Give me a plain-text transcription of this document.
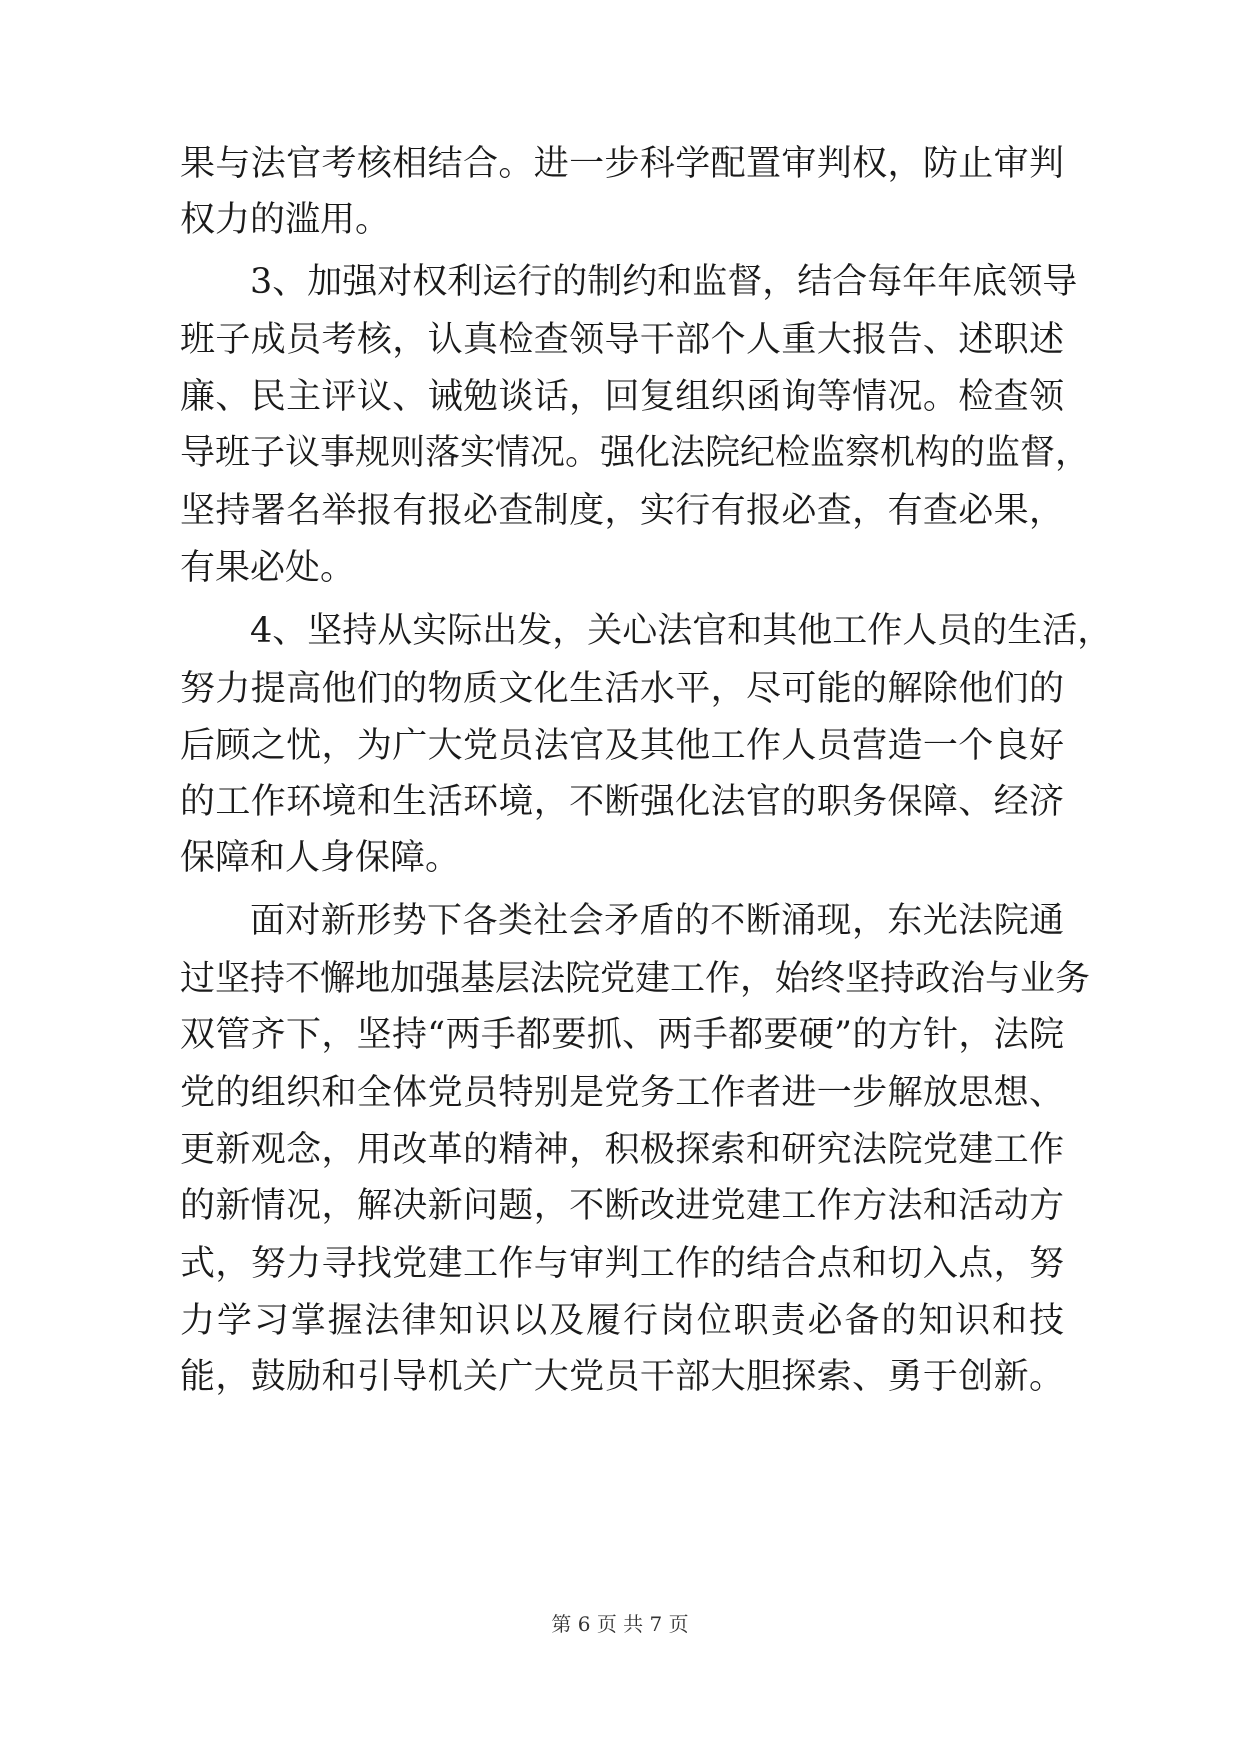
果与法官考核相结合。进一步科学配置审判权，防止审判
权力的滥用。
3、加强对权利运行的制约和监督，结合每年年底领导
班子成员考核，认真检查领导干部个人重大报告、述职述
廉、民主评议、诫勉谈话，回复组织函询等情况。检查领
导班子议事规则落实情况。强化法院纪检监察机构的监督，
坚持署名举报有报必查制度，实行有报必查，有查必果，
有果必处。
4、坚持从实际出发，关心法官和其他工作人员的生活，
努力提高他们的物质文化生活水平，尽可能的解除他们的
后顾之忧，为广大党员法官及其他工作人员营造一个良好
的工作环境和生活环境，不断强化法官的职务保障、经济
保障和人身保障。
面对新形势下各类社会矛盾的不断涌现，东光法院通
过坚持不懈地加强基层法院党建工作，始终坚持政治与业务
双管齐下，坚持“两手都要抓、两手都要硬”的方针，法院
党的组织和全体党员特别是党务工作者进一步解放思想、
更新观念，用改革的精神，积极探索和研究法院党建工作
的新情况，解决新问题，不断改进党建工作方法和活动方
式，努力寻找党建工作与审判工作的结合点和切入点，努
力学习掌握法律知识以及履行岗位职责必备的知识和技
能，鼓励和引导机关广大党员干部大胆探索、勇于创新。
第 6 页 共 7 页
